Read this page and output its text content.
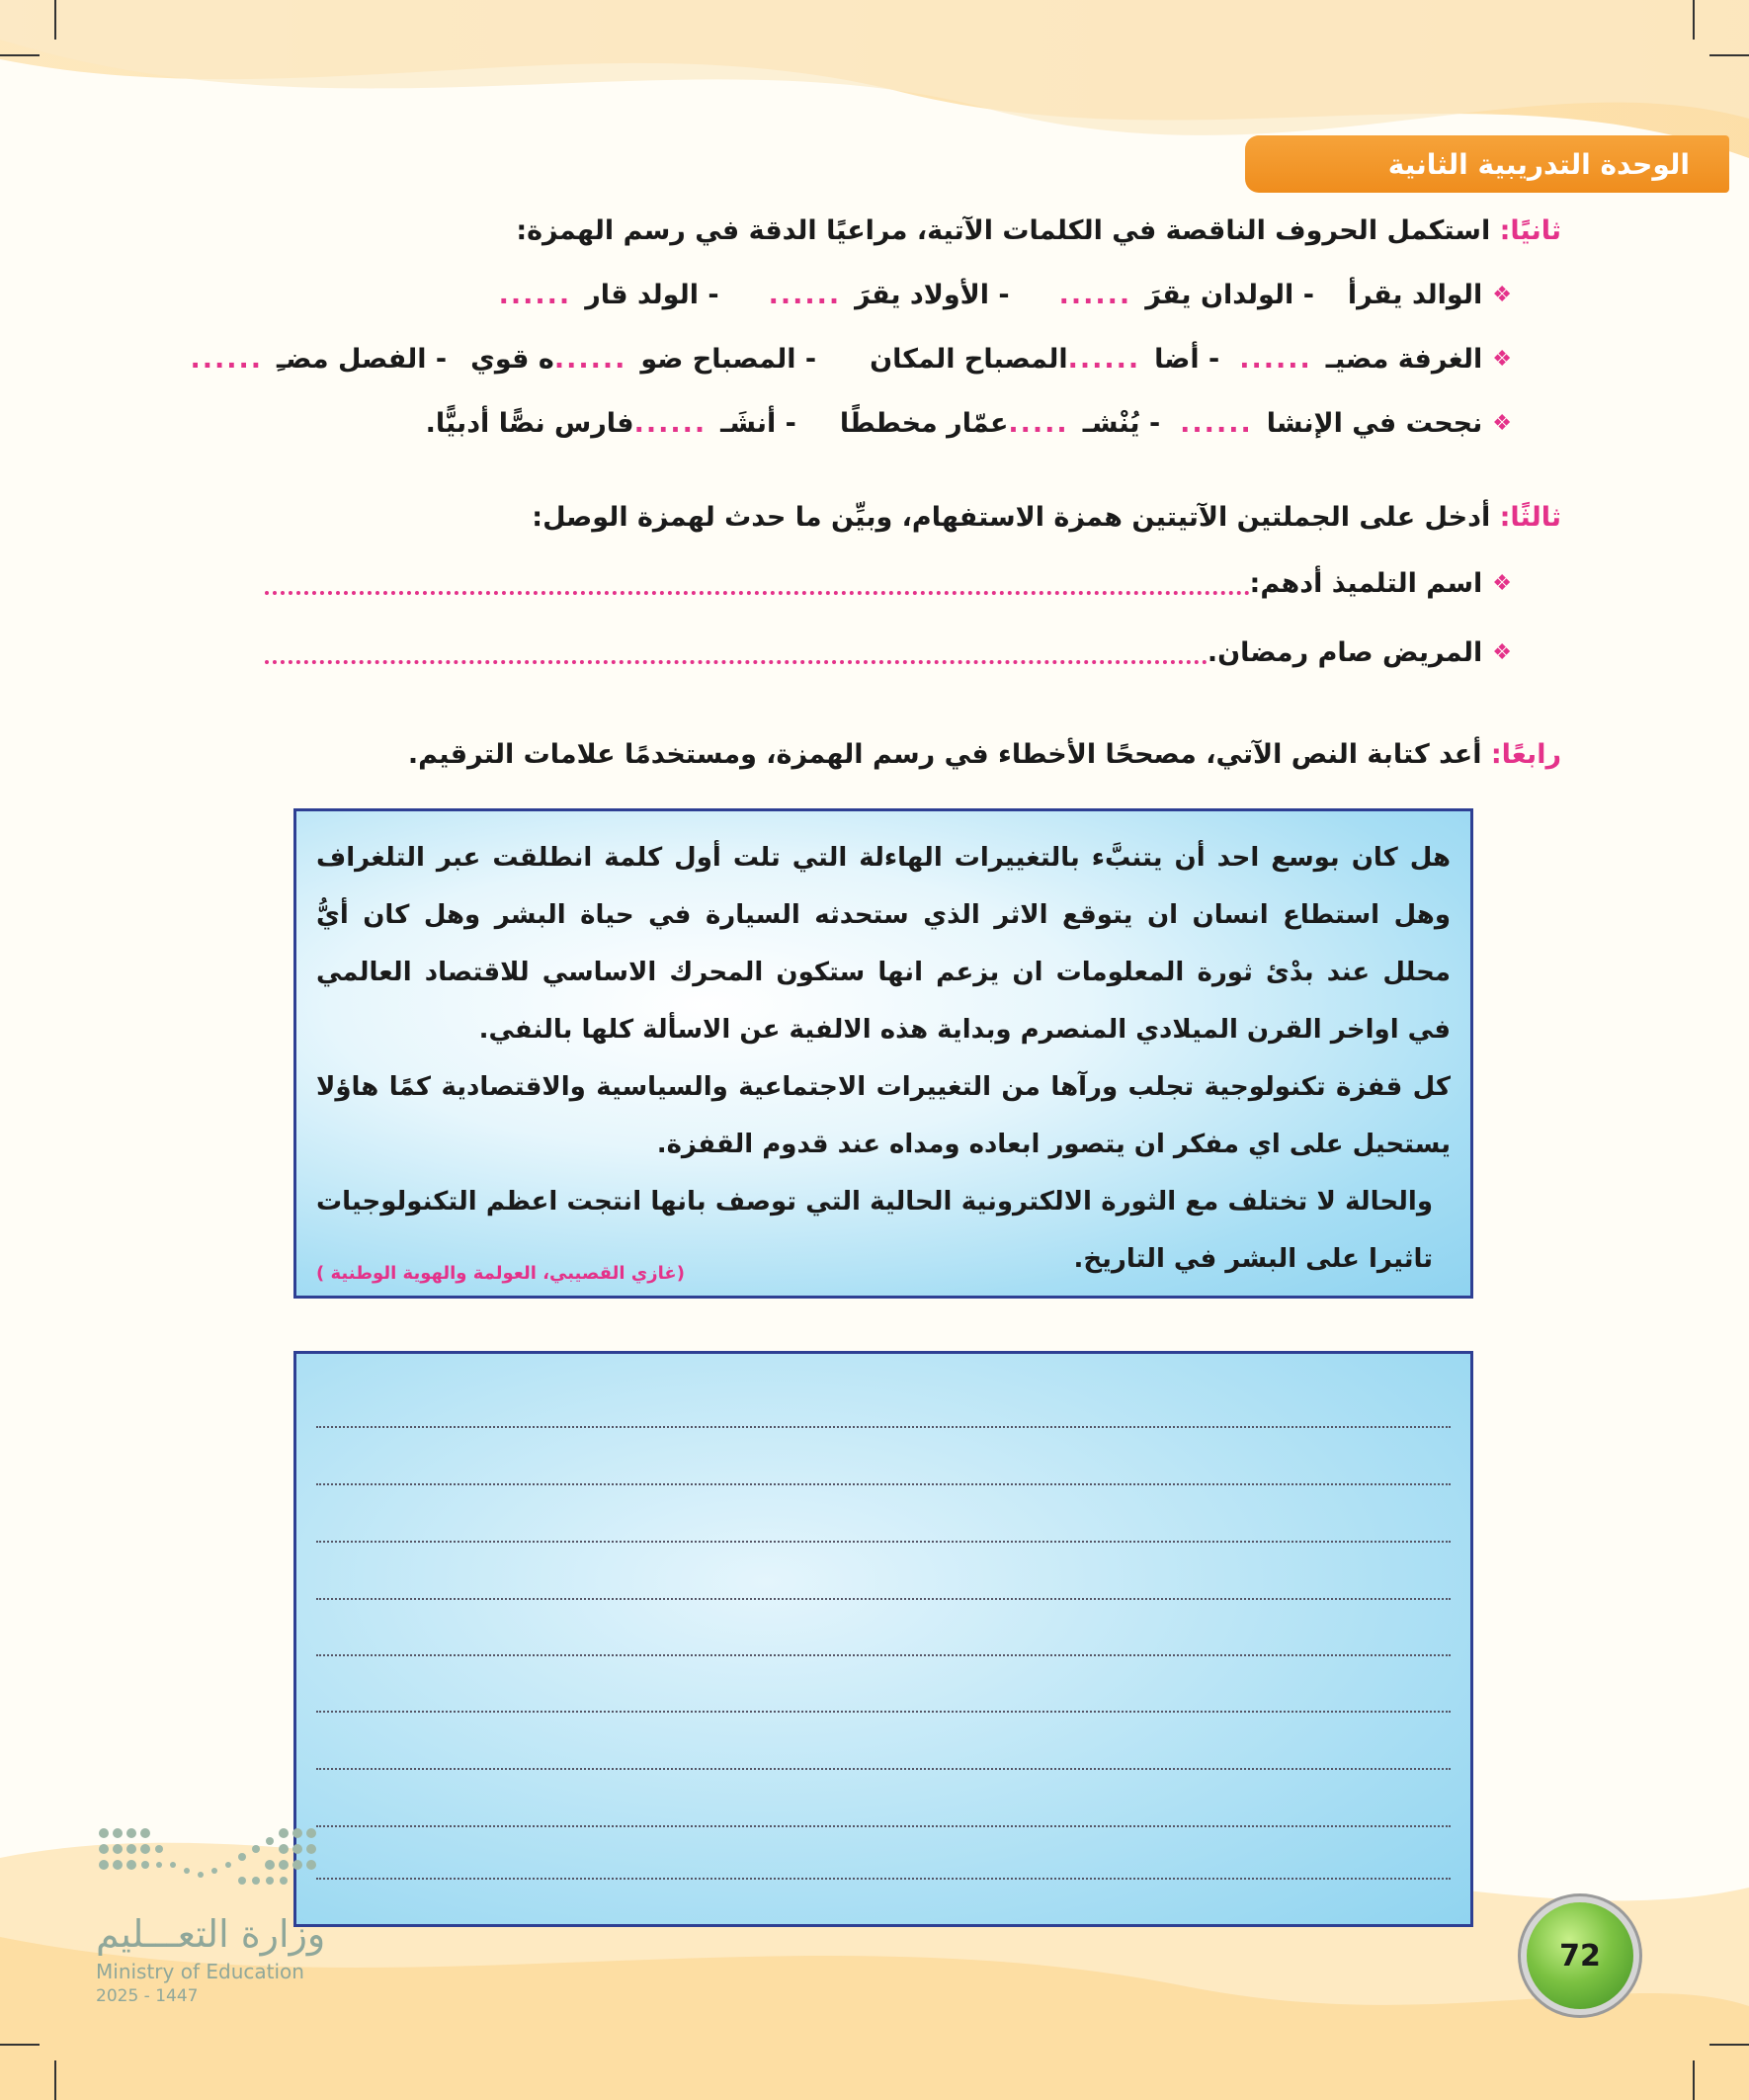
الوحدة التدريبية الثانية
ثانيًا: استكمل الحروف الناقصة في الكلمات الآتية، مراعيًا الدقة في رسم الهمزة:
❖
الوالد يقرأ
- الولدان يقرَ
......
- الأولاد يقرَ
......
- الولد قار
......
❖
الغرفة مضيـ
......
- أضا
......
المصباح المكان
- المصباح ضو
......
ه قوي
- الفصل مضـِ
......
❖
نجحت في الإنشا
......
- يُنْشـ
.....
عمّار مخططًا
- أنشَـ
......
فارس نصًّا أدبيًّا.
ثالثًا: أدخل على الجملتين الآتيتين همزة الاستفهام، وبيِّن ما حدث لهمزة الوصل:
❖
اسم التلميذ أدهم:
❖
المريض صام رمضان.
رابعًا: أعد كتابة النص الآتي، مصححًا الأخطاء في رسم الهمزة، ومستخدمًا علامات الترقيم.

هل كان بوسع احد أن يتنبَّء بالتغييرات الهاءلة التي تلت أول كلمة انطلقت عبر التلغراف وهل استطاع انسان ان يتوقع الاثر الذي ستحدثه السيارة في حياة البشر وهل كان أيُّ محلل عند بدْئ ثورة المعلومات ان يزعم انها ستكون المحرك الاساسي للاقتصاد العالمي في اواخر القرن الميلادي المنصرم وبداية هذه الالفية عن الاسألة كلها بالنفي.

كل قفزة تكنولوجية تجلب ورآها من التغييرات الاجتماعية والسياسية والاقتصادية كمًا هاؤلا يستحيل على اي مفكر ان يتصور ابعاده ومداه عند قدوم القفزة.

والحالة لا تختلف مع الثورة الالكترونية الحالية التي توصف بانها انتجت اعظم التكنولوجيات تاثيرا على البشر في التاريخ.

(غازي القصيبي، العولمة والهوية الوطنية )
72
وزارة التعـــليم
Ministry of Education
2025 - 1447
